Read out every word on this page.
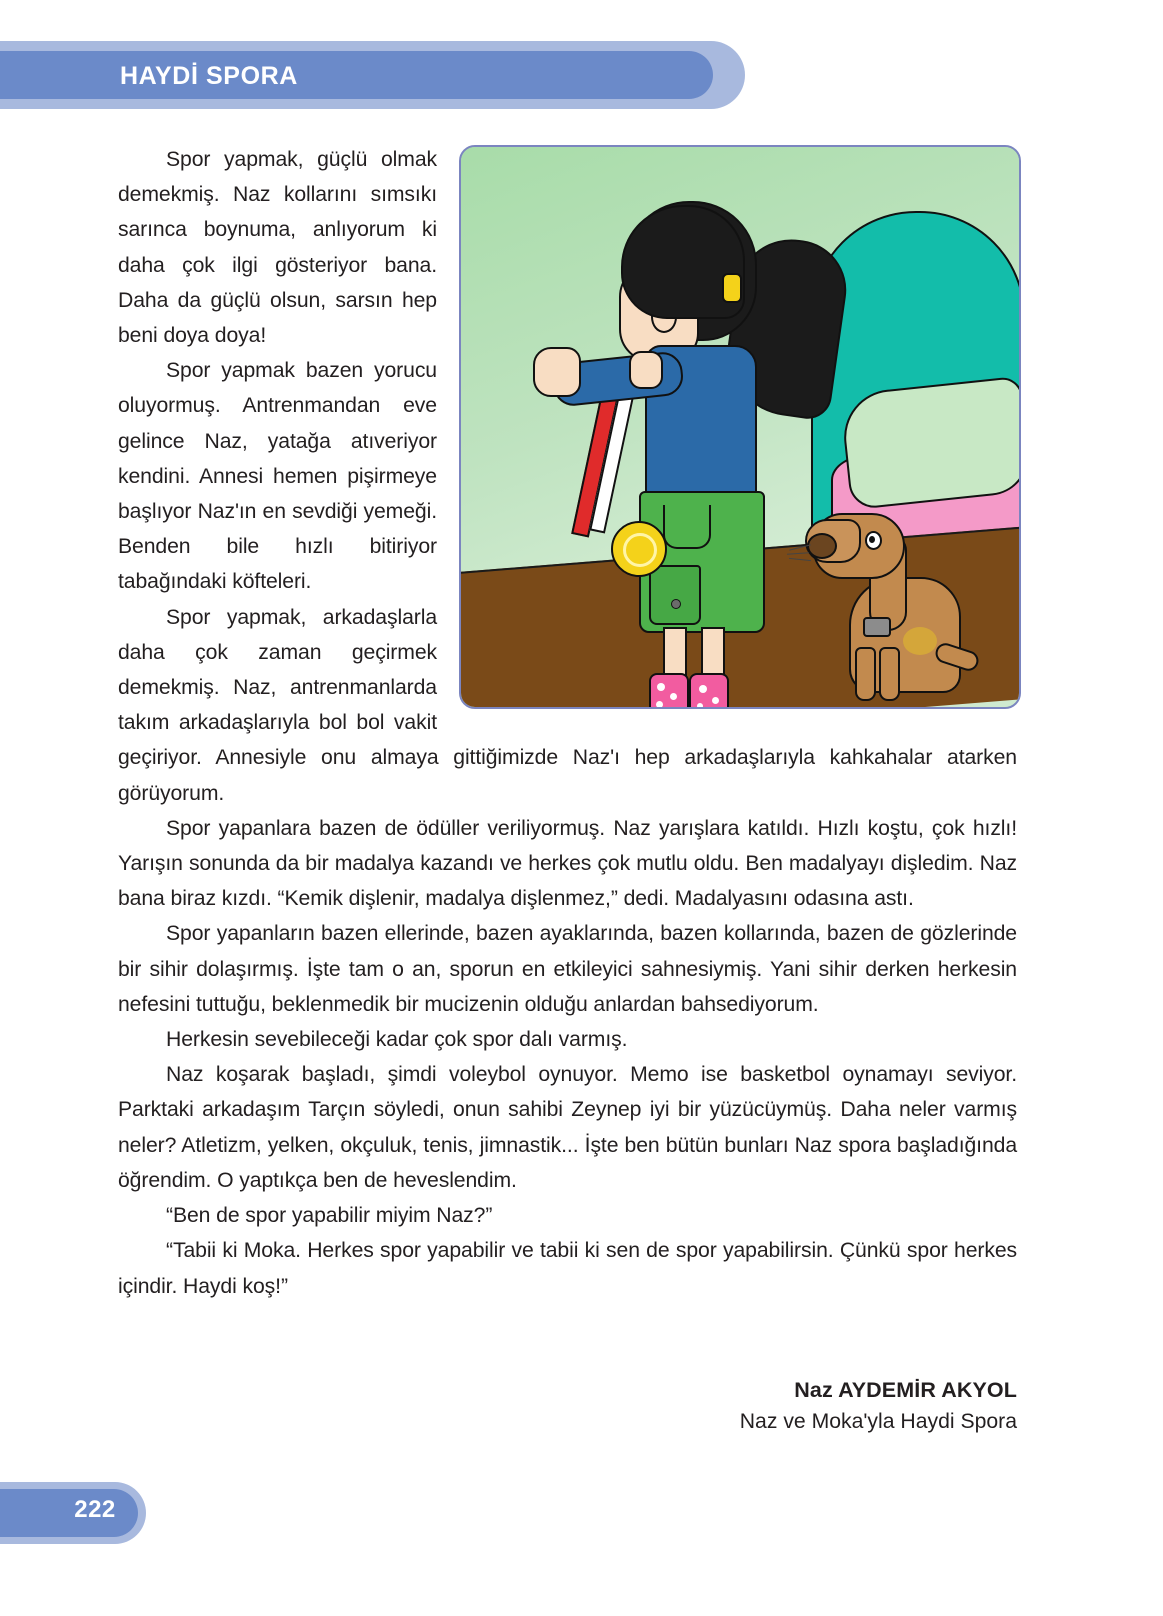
HAYDİ SPORA

Spor yapmak, güçlü olmak demekmiş. Naz kollarını sımsıkı sarınca boynuma, anlıyorum ki daha çok ilgi gösteriyor bana. Daha da güçlü olsun, sarsın hep beni doya doya!

Spor yapmak bazen yorucu oluyormuş. Antrenmandan eve gelince Naz, yatağa atıveriyor kendini. Annesi hemen pişirmeye başlıyor Naz'ın en sevdiği yemeği. Benden bile hızlı bitiriyor tabağındaki köfteleri.

Spor yapmak, arkadaşlarla daha çok zaman geçirmek demekmiş. Naz, antrenmanlarda takım arkadaşlarıyla bol bol vakit geçiriyor. Annesiyle onu almaya gittiğimizde Naz'ı hep arkadaşlarıyla kahkahalar atarken görüyorum.

Spor yapanlara bazen de ödüller veriliyormuş. Naz yarışlara katıldı. Hızlı koştu, çok hızlı! Yarışın sonunda da bir madalya kazandı ve herkes çok mutlu oldu. Ben madalyayı dişledim. Naz bana biraz kızdı. “Kemik dişlenir, madalya dişlenmez,” dedi. Madalyasını odasına astı.

Spor yapanların bazen ellerinde, bazen ayaklarında, bazen kollarında, bazen de gözlerinde bir sihir dolaşırmış. İşte tam o an, sporun en etkileyici sahnesiymiş. Yani sihir derken herkesin nefesini tuttuğu, beklenmedik bir mucizenin olduğu anlardan bahsediyorum.

Herkesin sevebileceği kadar çok spor dalı varmış.

Naz koşarak başladı, şimdi voleybol oynuyor. Memo ise basketbol oynamayı seviyor. Parktaki arkadaşım Tarçın söyledi, onun sahibi Zeynep iyi bir yüzücüymüş. Daha neler varmış neler? Atletizm, yelken, okçuluk, tenis, jimnastik... İşte ben bütün bunları Naz spora başladığında öğrendim. O yaptıkça ben de heveslendim.

“Ben de spor yapabilir miyim Naz?”

“Tabii ki Moka. Herkes spor yapabilir ve tabii ki sen de spor yapabilirsin. Çünkü spor herkes içindir. Haydi koş!”

Naz AYDEMİR AKYOL
Naz ve Moka'yla Haydi Spora
222
